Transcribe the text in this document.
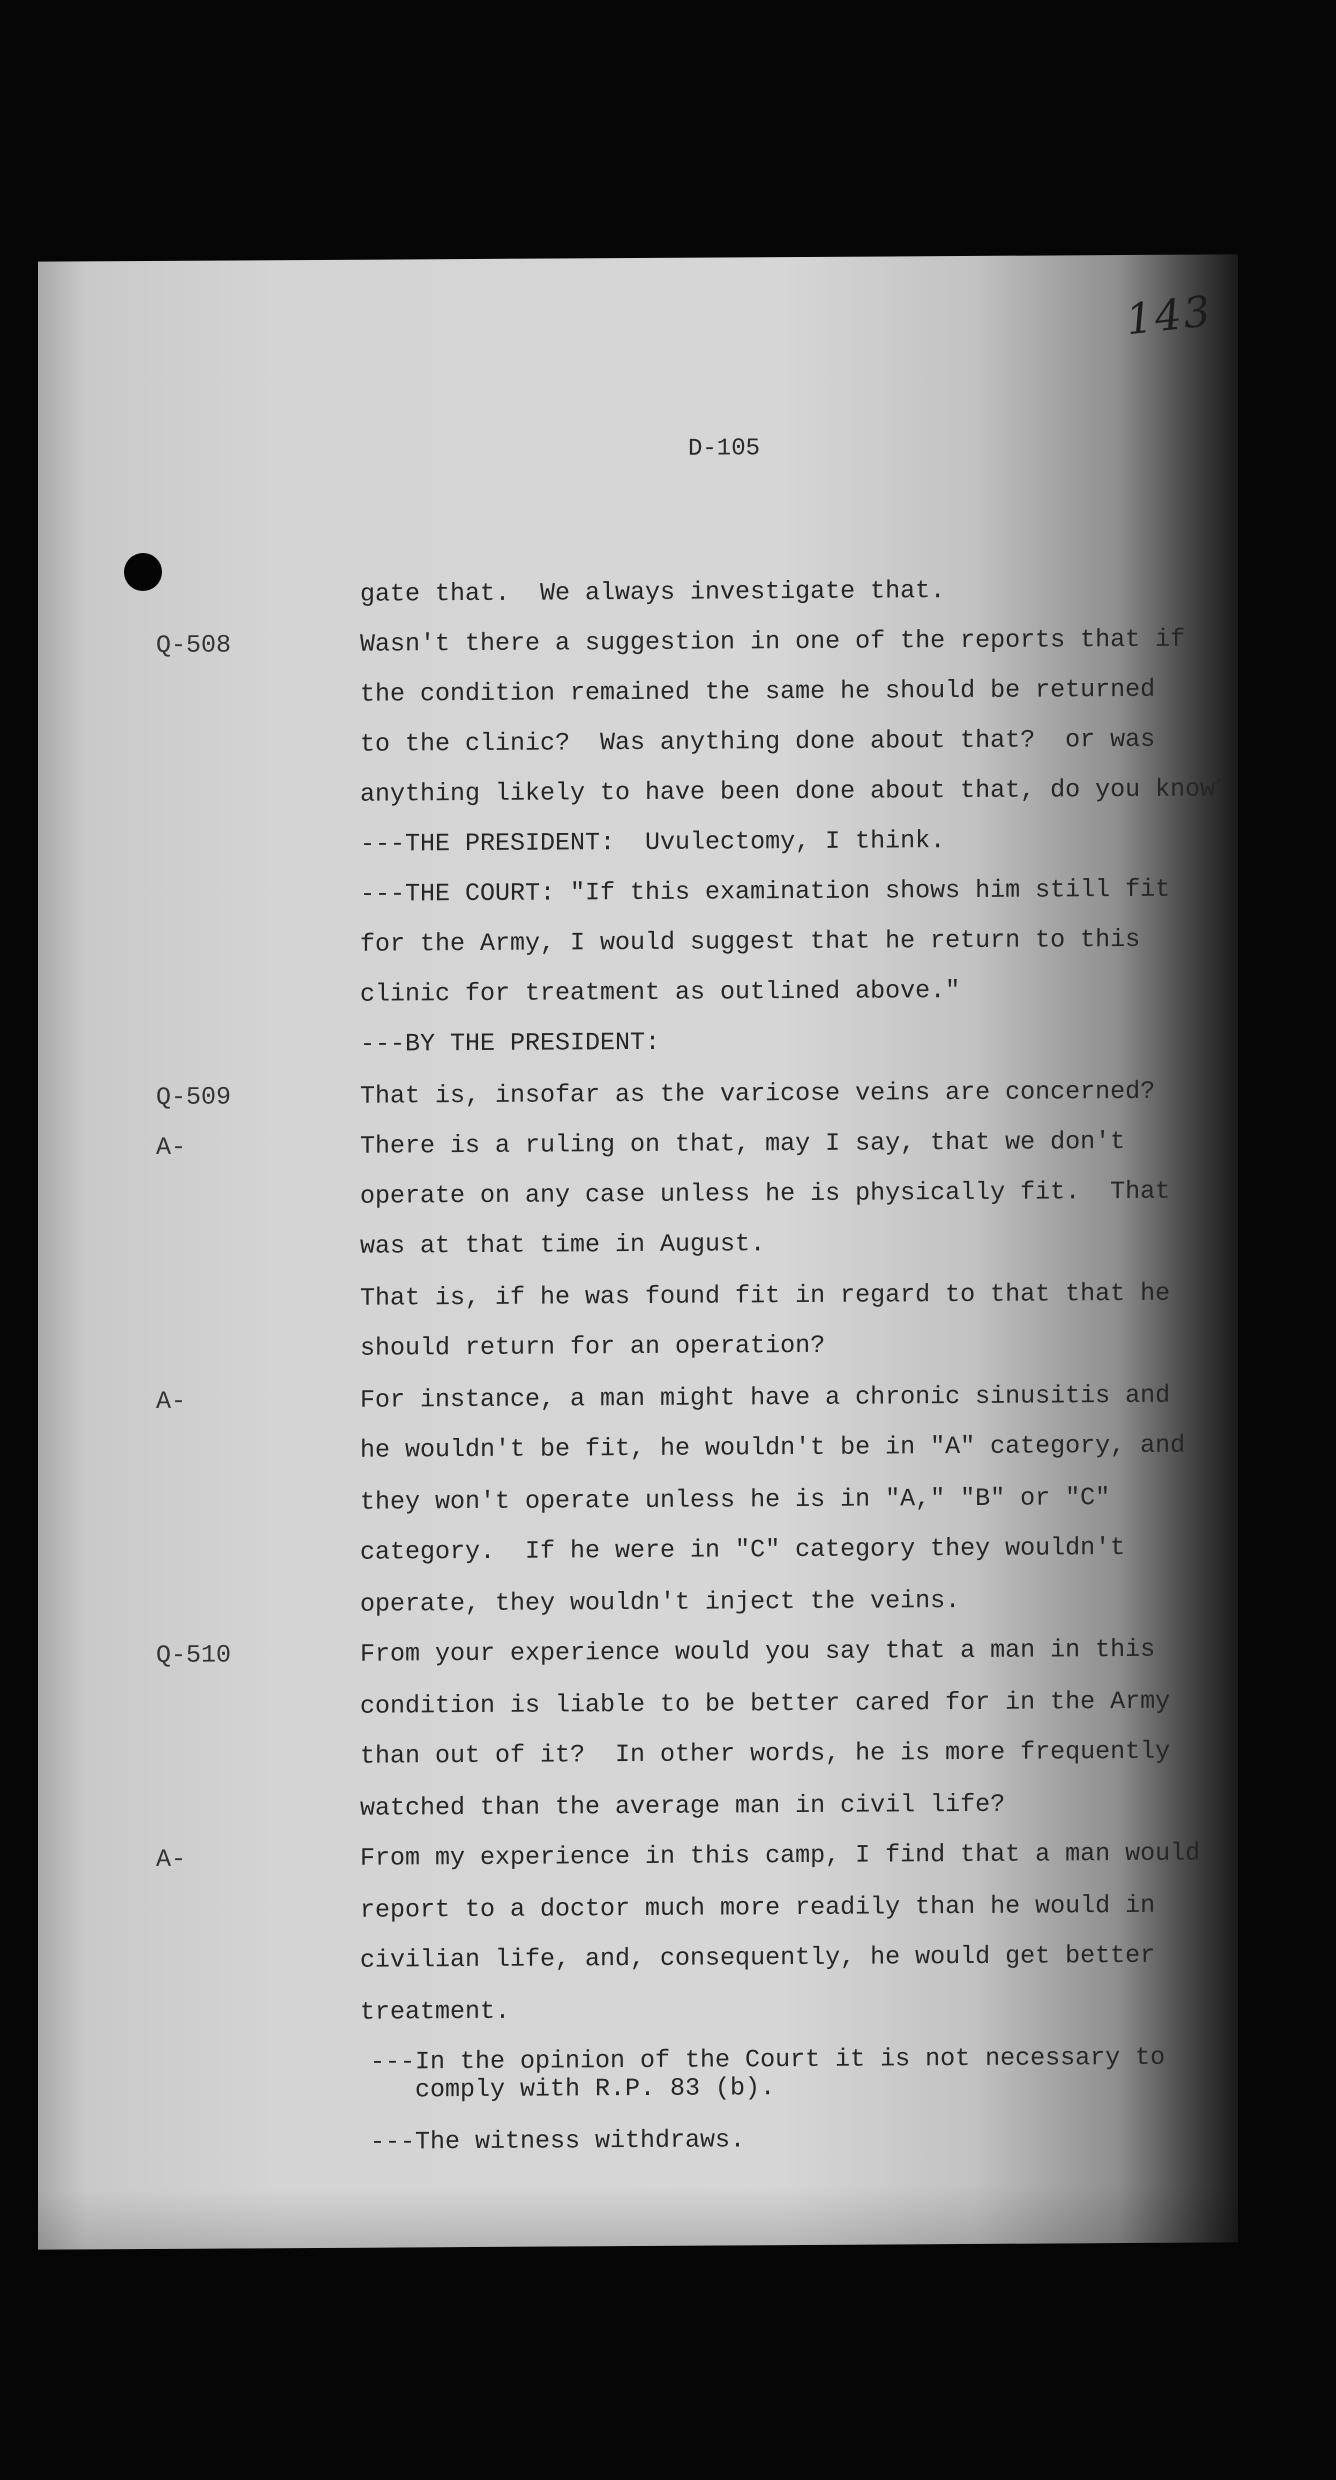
143
D-105
gate that.  We always investigate that.
Q-508	Wasn't there a suggestion in one of the reports that if
the condition remained the same he should be returned
to the clinic?  Was anything done about that?  or was
anything likely to have been done about that, do you know?
---THE PRESIDENT:  Uvulectomy, I think.
---THE COURT: "If this examination shows him still fit
for the Army, I would suggest that he return to this
clinic for treatment as outlined above."
---BY THE PRESIDENT:
Q-509	That is, insofar as the varicose veins are concerned?
A-	There is a ruling on that, may I say, that we don't
operate on any case unless he is physically fit.  That
was at that time in August.
That is, if he was found fit in regard to that that he
should return for an operation?
A-	For instance, a man might have a chronic sinusitis and
he wouldn't be fit, he wouldn't be in "A" category, and
they won't operate unless he is in "A," "B" or "C"
category.  If he were in "C" category they wouldn't
operate, they wouldn't inject the veins.
Q-510	From your experience would you say that a man in this
condition is liable to be better cared for in the Army
than out of it?  In other words, he is more frequently
watched than the average man in civil life?
A-	From my experience in this camp, I find that a man would
report to a doctor much more readily than he would in
civilian life, and, consequently, he would get better
treatment.
---In the opinion of the Court it is not necessary to
comply with R.P. 83 (b).
---The witness withdraws.
